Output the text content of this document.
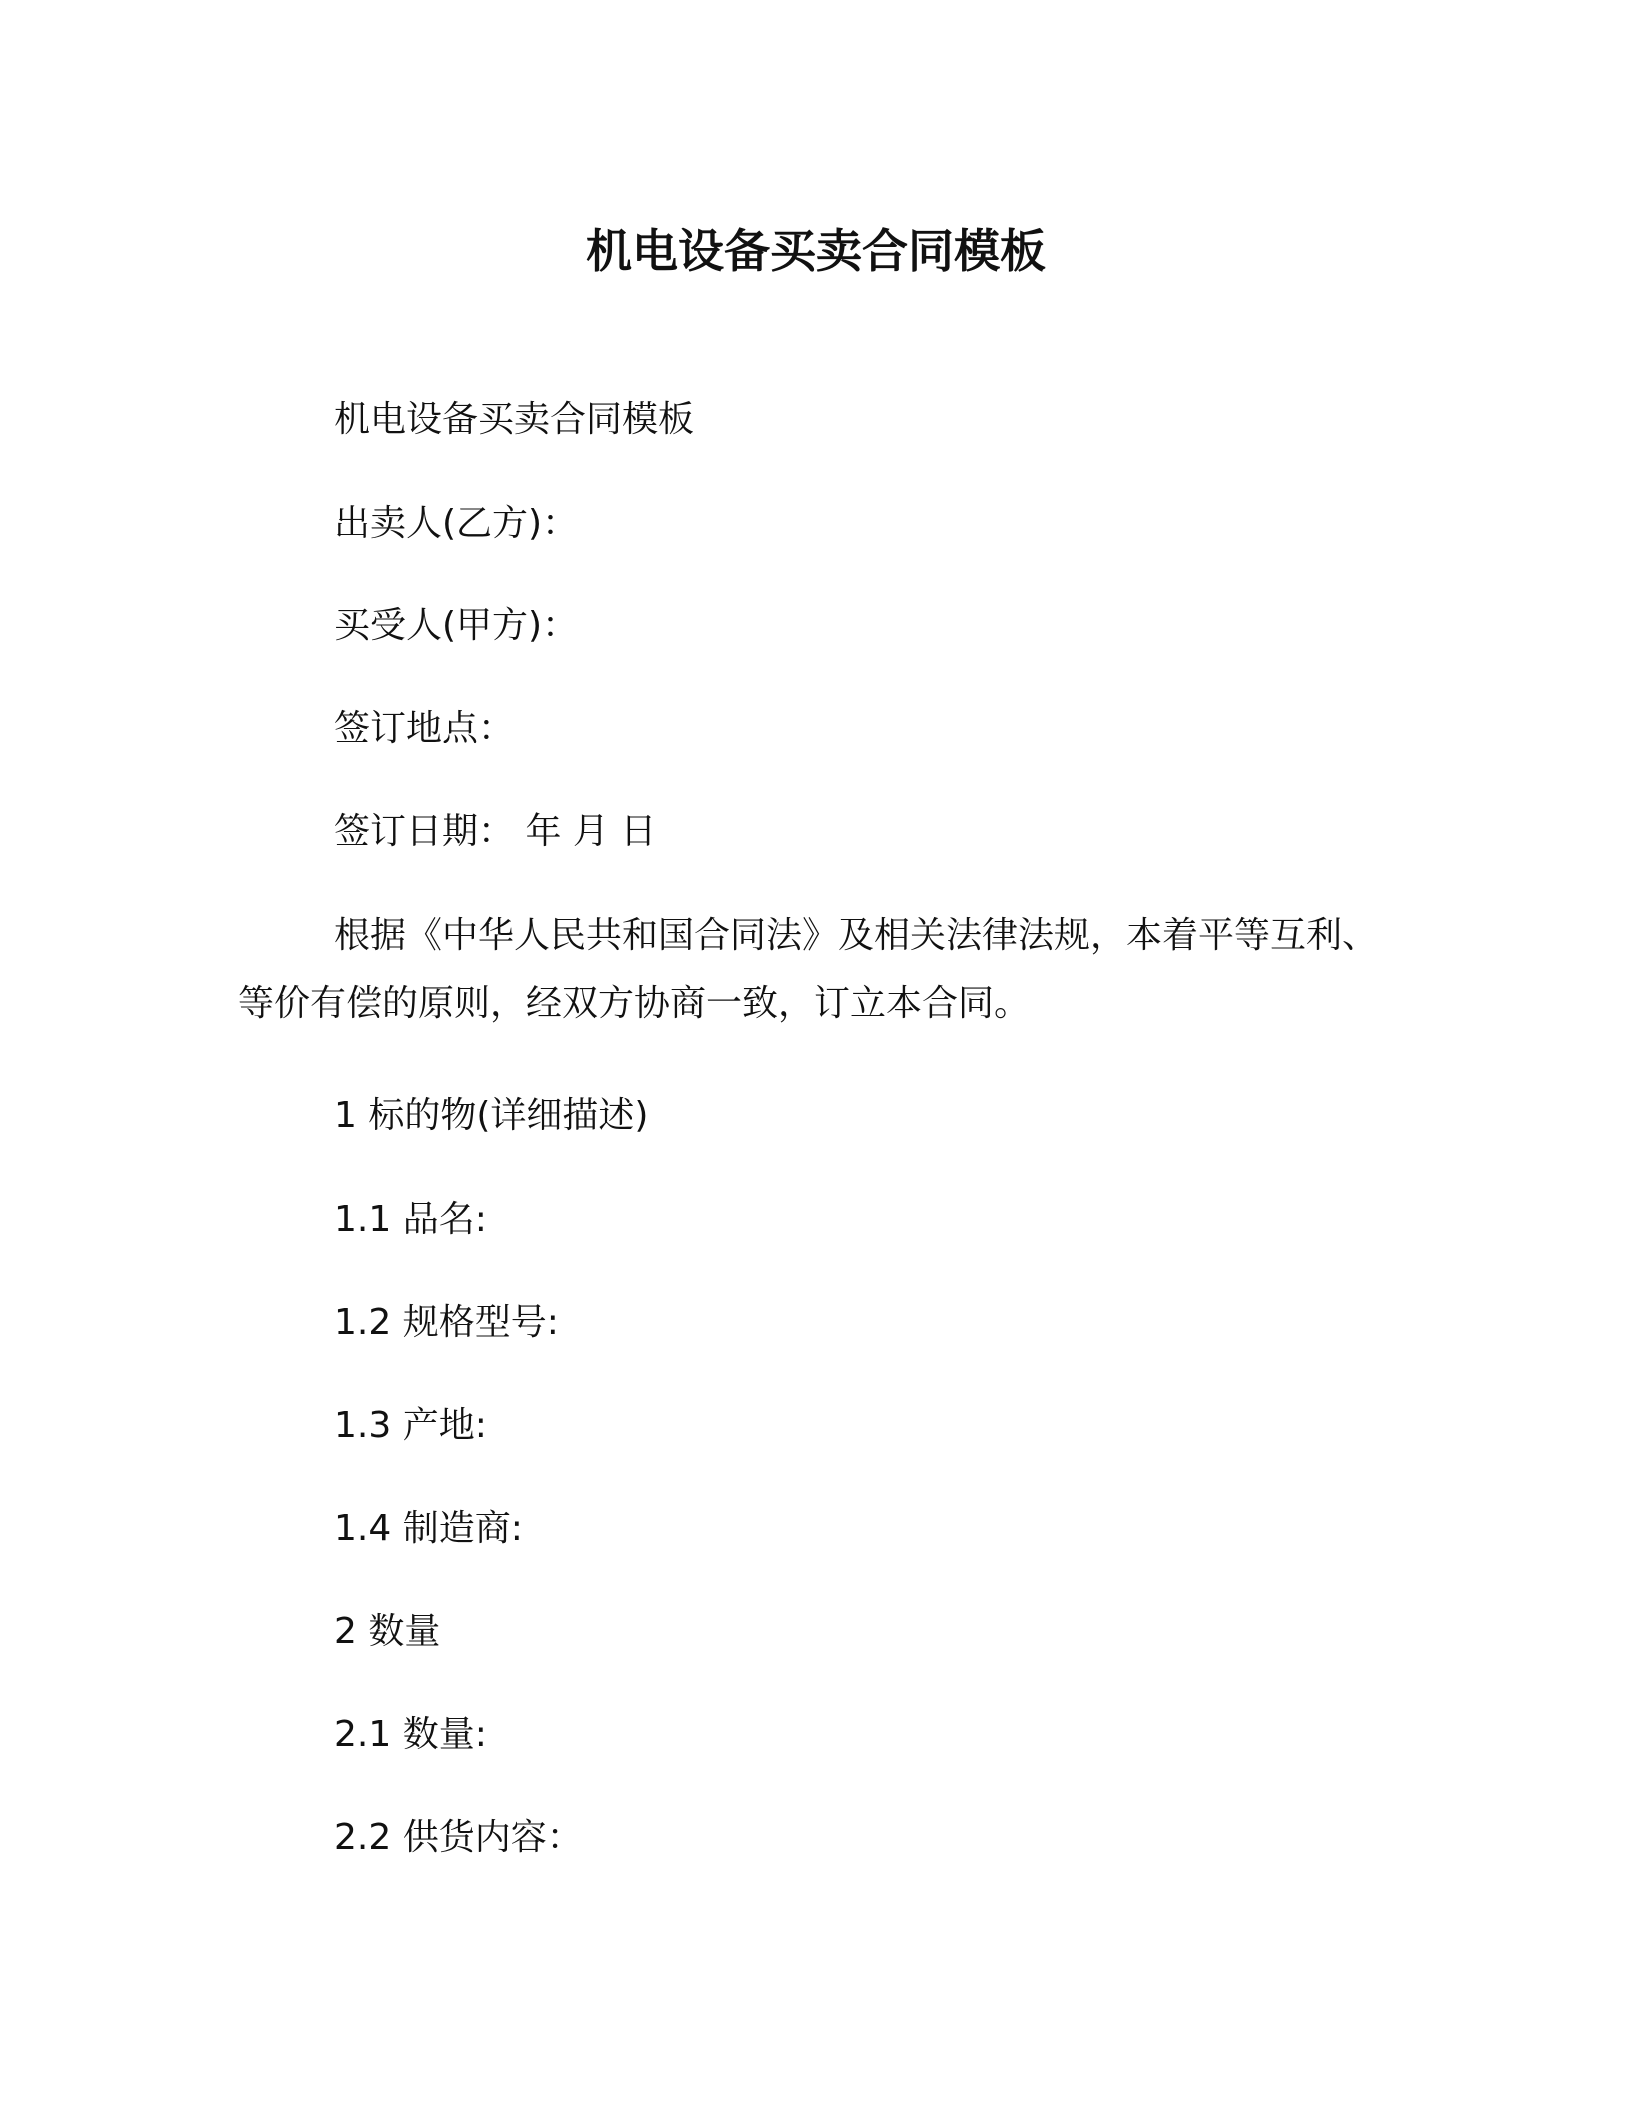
机电设备买卖合同模板

机电设备买卖合同模板

出卖人(乙方)：

买受人(甲方)：

签订地点：

签订日期： 年 月 日

根据《中华人民共和国合同法》及相关法律法规，本着平等互利、
等价有偿的原则，经双方协商一致，订立本合同。

1 标的物(详细描述)

1.1 品名:

1.2 规格型号:

1.3 产地:

1.4 制造商:

2 数量

2.1 数量:

2.2 供货内容：
